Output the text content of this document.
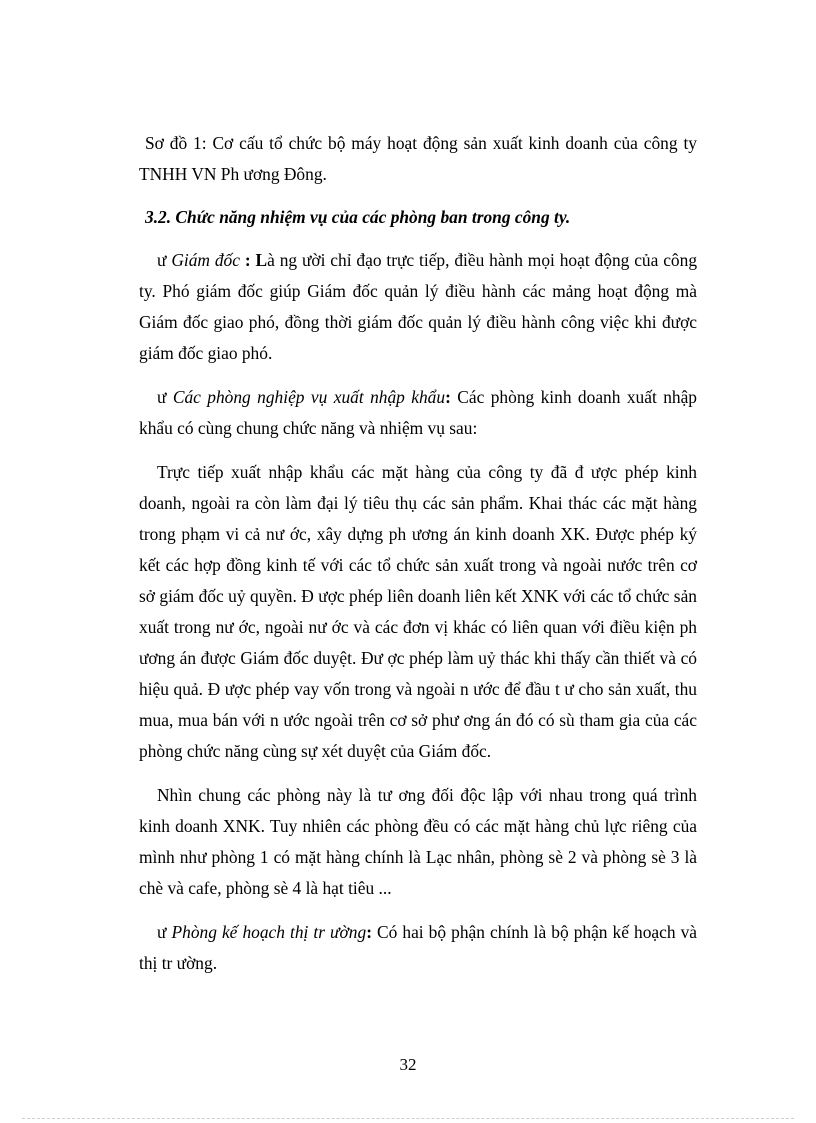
Sơ đồ 1: Cơ cấu tổ chức bộ máy hoạt động sản xuất kinh doanh của công ty TNHH VN Ph ương Đông.

3.2. Chức năng nhiệm vụ của các phòng ban trong công ty.

ư Giám đốc : Là ng ười chỉ đạo trực tiếp, điều hành mọi hoạt động của công ty. Phó giám đốc giúp Giám đốc quản lý điều hành các mảng hoạt động mà Giám đốc giao phó, đồng thời giám đốc quản lý điều hành công việc khi được giám đốc giao phó.

ư Các phòng nghiệp vụ xuất nhập khẩu: Các phòng kinh doanh xuất nhập khẩu có cùng chung chức năng và nhiệm vụ sau:

Trực tiếp xuất nhập khẩu các mặt hàng của công ty đã đ ược phép kinh doanh, ngoài ra còn làm đại lý tiêu thụ các sản phẩm. Khai thác các mặt hàng trong phạm vi cả nư ớc, xây dựng ph ương án kinh doanh XK. Được phép ký kết các hợp đồng kinh tế với các tổ chức sản xuất trong và ngoài nước trên cơ sở giám đốc uỷ quyền. Đ ược phép liên doanh liên kết XNK với các tổ chức sản xuất trong nư ớc, ngoài nư ớc và các đơn vị khác có liên quan với điều kiện ph ương án được Giám đốc duyệt. Đư ợc phép làm uỷ thác khi thấy cần thiết và có hiệu quả. Đ ược phép vay vốn trong và ngoài n ước để đầu t ư cho sản xuất, thu mua, mua bán với n ước ngoài trên cơ sở phư ơng án đó có sù tham gia của các phòng chức năng cùng sự xét duyệt của Giám đốc.

Nhìn chung các phòng này là tư ơng đối độc lập với nhau trong quá trình kinh doanh XNK. Tuy nhiên các phòng đều có các mặt hàng chủ lực riêng của mình như phòng 1 có mặt hàng chính là Lạc nhân, phòng sè 2 và phòng sè 3 là chè và cafe, phòng sè 4 là hạt tiêu ...

ư Phòng kế hoạch thị tr ường: Có hai bộ phận chính là bộ phận kế hoạch và thị tr ường.

32
